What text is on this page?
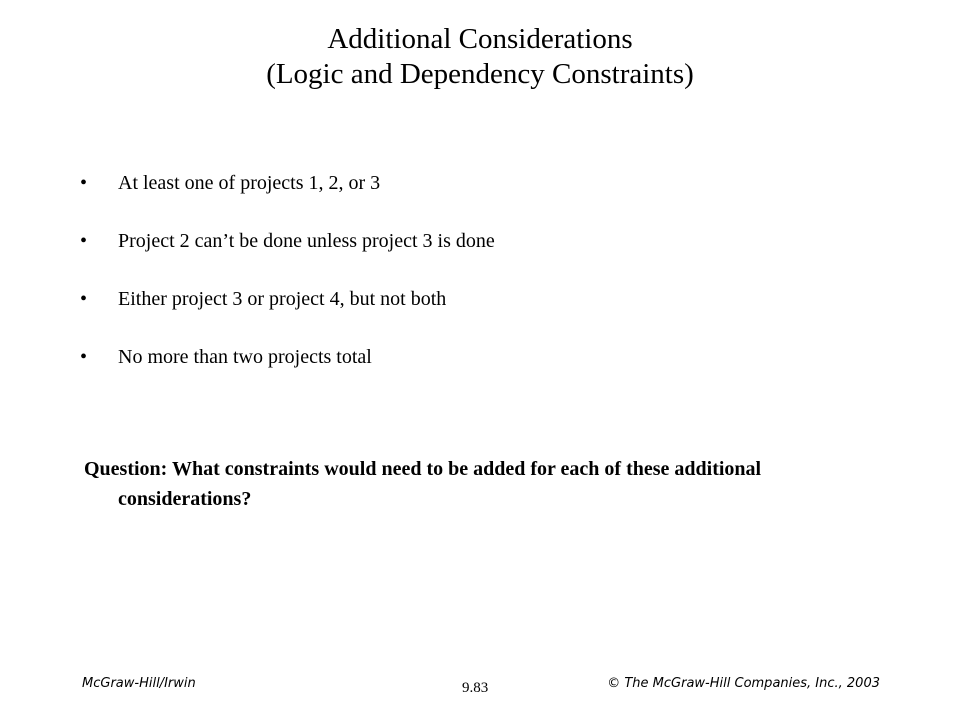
Additional Considerations
(Logic and Dependency Constraints)
•	At least one of projects 1, 2, or 3
•	Project 2 can’t be done unless project 3 is done
•	Either project 3 or project 4, but not both
•	No more than two projects total
Question: What constraints would need to be added for each of these additional considerations?
McGraw-Hill/Irwin	9.83	© The McGraw-Hill Companies, Inc., 2003
